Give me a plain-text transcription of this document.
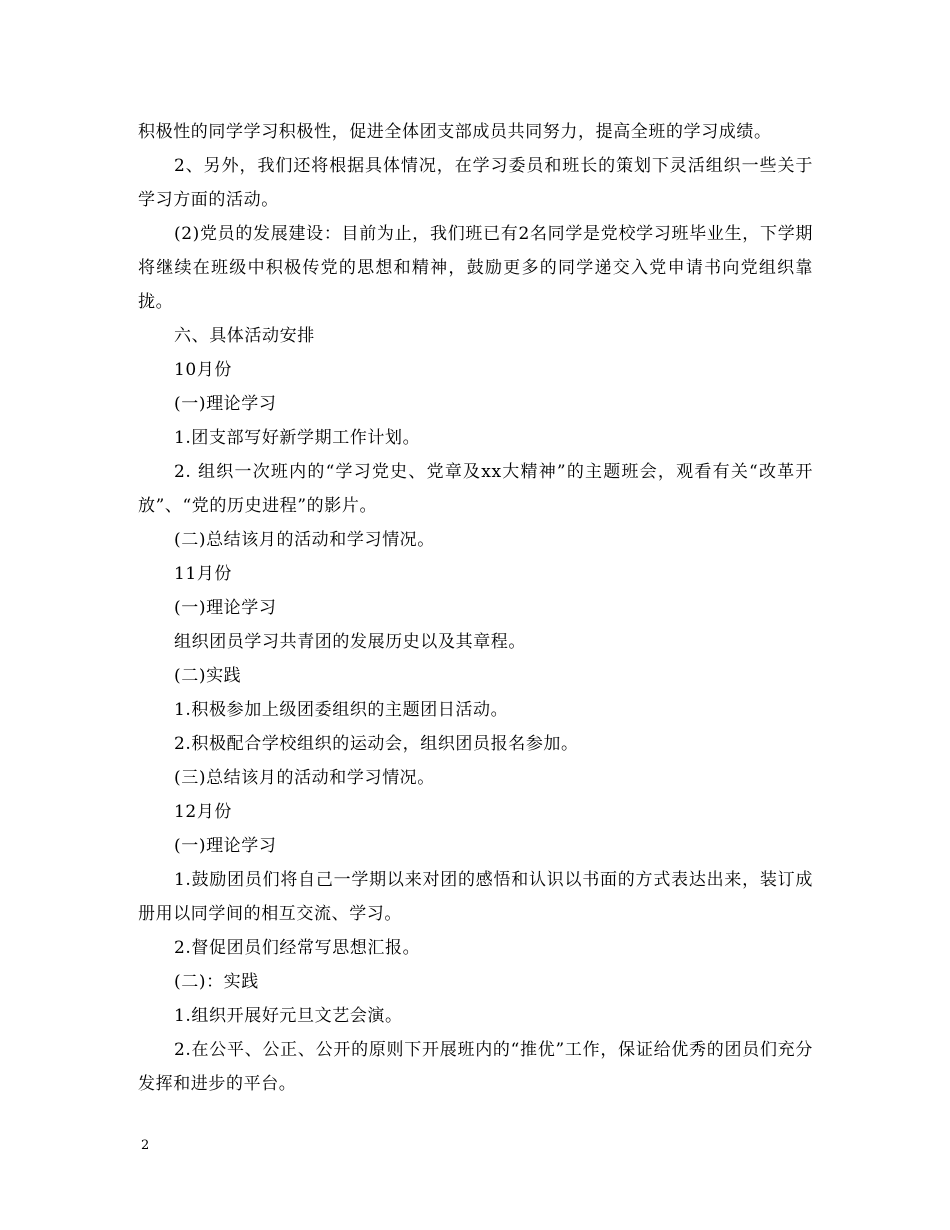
积极性的同学学习积极性，促进全体团支部成员共同努力，提高全班的学习成绩。

2、另外，我们还将根据具体情况，在学习委员和班长的策划下灵活组织一些关于学习方面的活动。

(2)党员的发展建设：目前为止，我们班已有2名同学是党校学习班毕业生，下学期将继续在班级中积极传党的思想和精神，鼓励更多的同学递交入党申请书向党组织靠拢。

六、具体活动安排

10月份

(一)理论学习

1.团支部写好新学期工作计划。

2. 组织一次班内的“学习党史、党章及xx大精神”的主题班会，观看有关“改革开放”、“党的历史进程”的影片。

(二)总结该月的活动和学习情况。

11月份

(一)理论学习

组织团员学习共青团的发展历史以及其章程。

(二)实践

1.积极参加上级团委组织的主题团日活动。

2.积极配合学校组织的运动会，组织团员报名参加。

(三)总结该月的活动和学习情况。

12月份

(一)理论学习

1.鼓励团员们将自己一学期以来对团的感悟和认识以书面的方式表达出来，装订成册用以同学间的相互交流、学习。

2.督促团员们经常写思想汇报。

(二)：实践

1.组织开展好元旦文艺会演。

2.在公平、公正、公开的原则下开展班内的“推优”工作，保证给优秀的团员们充分发挥和进步的平台。

2
